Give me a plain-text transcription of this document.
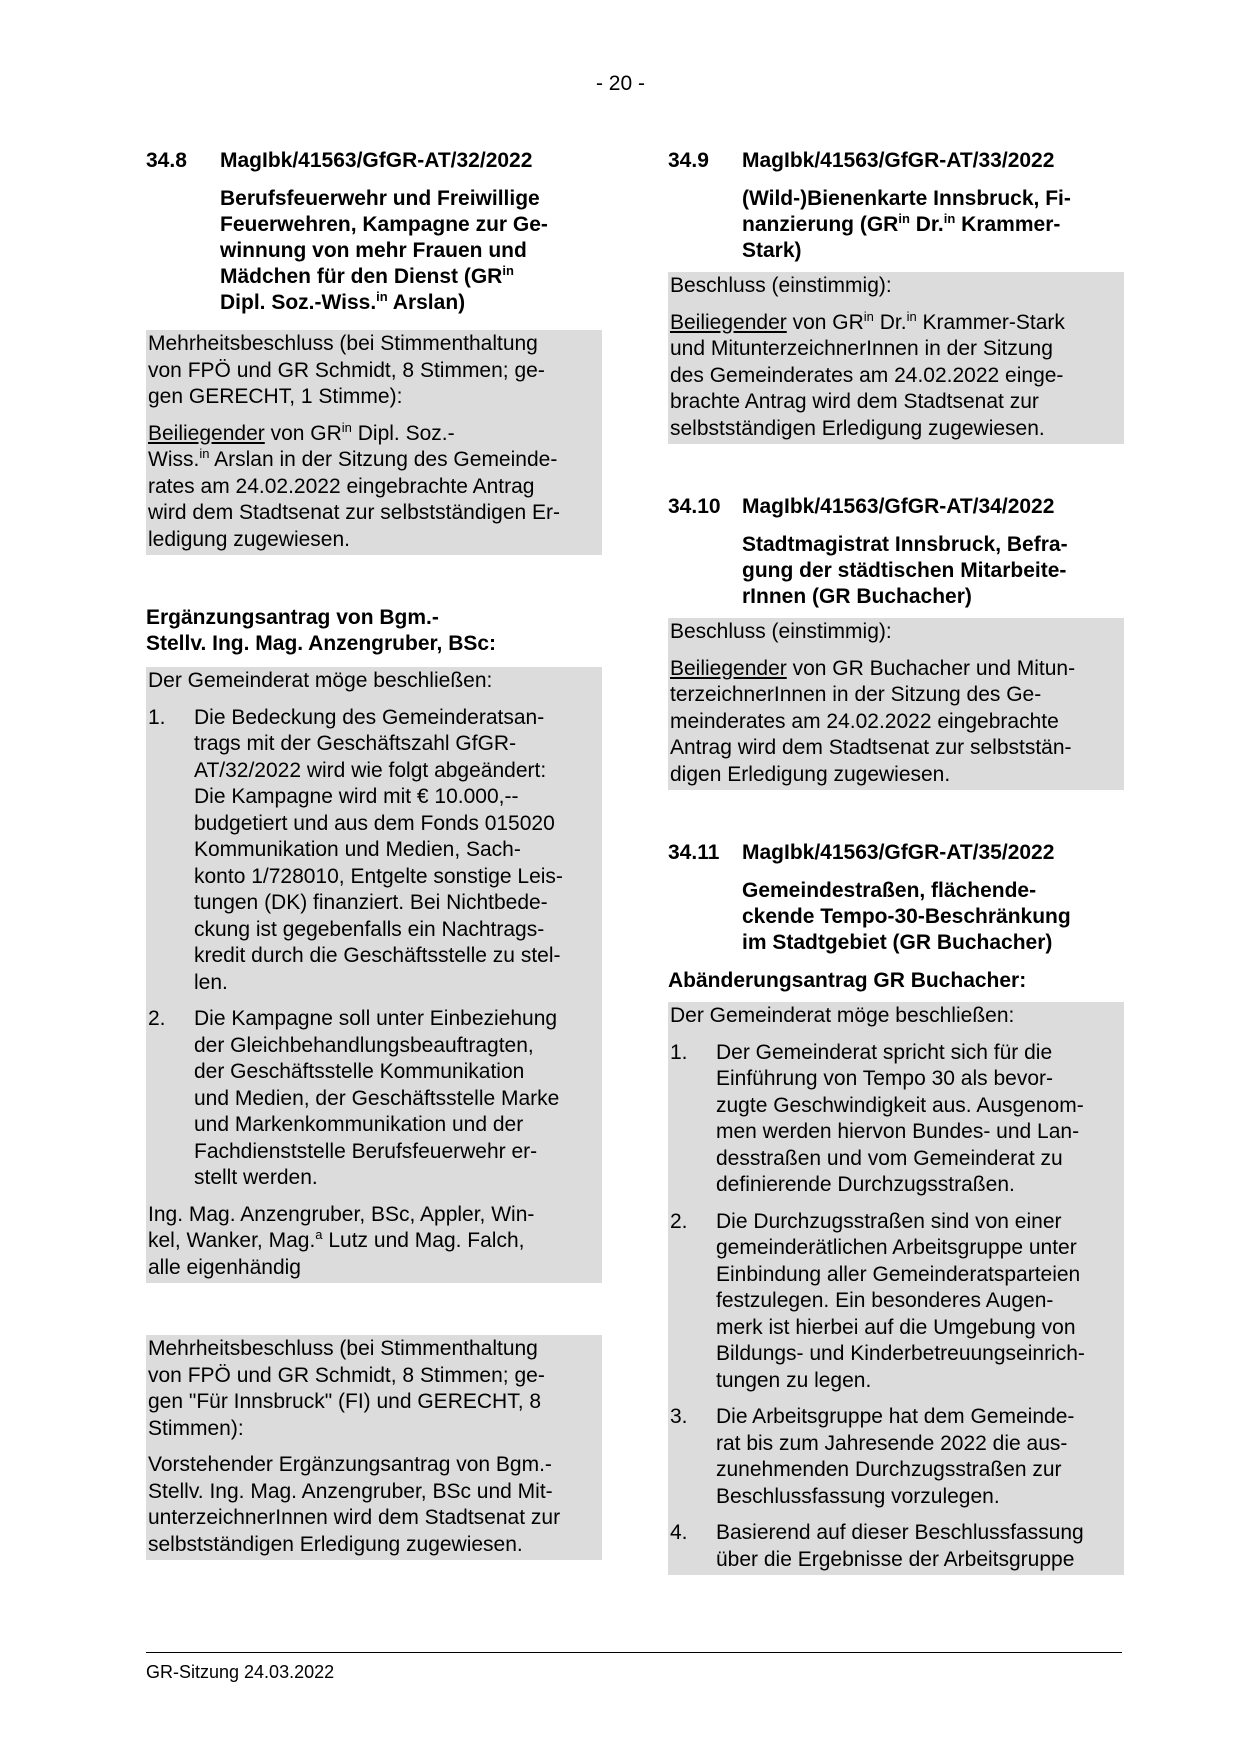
- 20 -
34.8	MagIbk/41563/GfGR-AT/32/2022
Berufsfeuerwehr und Freiwillige
Feuerwehren, Kampagne zur Ge-
winnung von mehr Frauen und
Mädchen für den Dienst ($GR^{in}$
Dipl. Soz.-Wiss.$^{in}$ Arslan)
Mehrheitsbeschluss (bei Stimmenthaltung
von FPÖ und GR Schmidt, 8 Stimmen; ge-
gen GERECHT, 1 Stimme):
Beiliegender von $GR^{in}$ Dipl. Soz.-
Wiss.$^{in}$ Arslan in der Sitzung des Gemeinde-
rates am 24.02.2022 eingebrachte Antrag
wird dem Stadtsenat zur selbstständigen Er-
ledigung zugewiesen.
Ergänzungsantrag von Bgm.-
Stellv. Ing. Mag. Anzengruber, BSc:
Der Gemeinderat möge beschließen:
1.	Die Bedeckung des Gemeinderatsan-
trags mit der Geschäftszahl GfGR-
AT/32/2022 wird wie folgt abgeändert:
Die Kampagne wird mit € 10.000,--
budgetiert und aus dem Fonds 015020
Kommunikation und Medien, Sach-
konto 1/728010, Entgelte sonstige Leis-
tungen (DK) finanziert. Bei Nichtbede-
ckung ist gegebenfalls ein Nachtrags-
kredit durch die Geschäftsstelle zu stel-
len.
2.	Die Kampagne soll unter Einbeziehung
der Gleichbehandlungsbeauftragten,
der Geschäftsstelle Kommunikation
und Medien, der Geschäftsstelle Marke
und Markenkommunikation und der
Fachdienststelle Berufsfeuerwehr er-
stellt werden.
Ing. Mag. Anzengruber, BSc, Appler, Win-
kel, Wanker, Mag.$^a$ Lutz und Mag. Falch,
alle eigenhändig
Mehrheitsbeschluss (bei Stimmenthaltung
von FPÖ und GR Schmidt, 8 Stimmen; ge-
gen "Für Innsbruck" (FI) und GERECHT, 8
Stimmen):
Vorstehender Ergänzungsantrag von Bgm.-
Stellv. Ing. Mag. Anzengruber, BSc und Mit-
unterzeichnerInnen wird dem Stadtsenat zur
selbstständigen Erledigung zugewiesen.
34.9	MagIbk/41563/GfGR-AT/33/2022
(Wild-)Bienenkarte Innsbruck, Fi-
nanzierung ($GR^{in}$ Dr.$^{in}$ Krammer-
Stark)
Beschluss (einstimmig):
Beiliegender von $GR^{in}$ Dr.$^{in}$ Krammer-Stark
und MitunterzeichnerInnen in der Sitzung
des Gemeinderates am 24.02.2022 einge-
brachte Antrag wird dem Stadtsenat zur
selbstständigen Erledigung zugewiesen.
34.10	MagIbk/41563/GfGR-AT/34/2022
Stadtmagistrat Innsbruck, Befra-
gung der städtischen Mitarbeite-
rInnen (GR Buchacher)
Beschluss (einstimmig):
Beiliegender von GR Buchacher und Mitun-
terzeichnerInnen in der Sitzung des Ge-
meinderates am 24.02.2022 eingebrachte
Antrag wird dem Stadtsenat zur selbststän-
digen Erledigung zugewiesen.
34.11	MagIbk/41563/GfGR-AT/35/2022
Gemeindestraßen, flächende-
ckende Tempo-30-Beschränkung
im Stadtgebiet (GR Buchacher)
Abänderungsantrag GR Buchacher:
Der Gemeinderat möge beschließen:
1.	Der Gemeinderat spricht sich für die
Einführung von Tempo 30 als bevor-
zugte Geschwindigkeit aus. Ausgenom-
men werden hiervon Bundes- und Lan-
desstraßen und vom Gemeinderat zu
definierende Durchzugsstraßen.
2.	Die Durchzugsstraßen sind von einer
gemeinderätlichen Arbeitsgruppe unter
Einbindung aller Gemeinderatsparteien
festzulegen. Ein besonderes Augen-
merk ist hierbei auf die Umgebung von
Bildungs- und Kinderbetreuungseinrich-
tungen zu legen.
3.	Die Arbeitsgruppe hat dem Gemeinde-
rat bis zum Jahresende 2022 die aus-
zunehmenden Durchzugsstraßen zur
Beschlussfassung vorzulegen.
4.	Basierend auf dieser Beschlussfassung
über die Ergebnisse der Arbeitsgruppe
GR-Sitzung 24.03.2022
